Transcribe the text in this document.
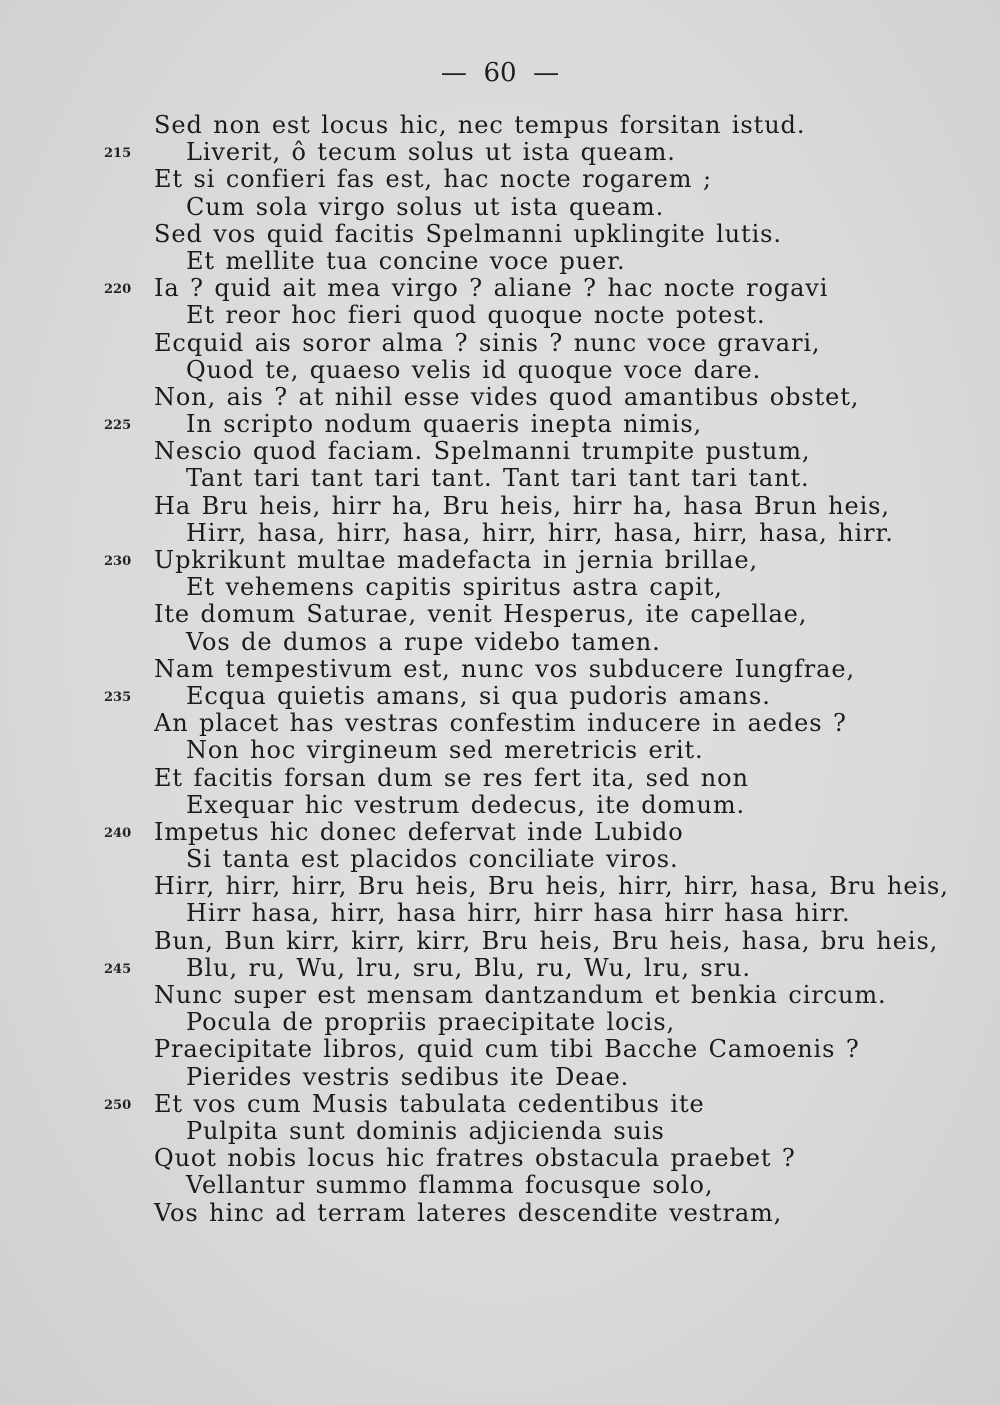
—  60  —
Sed non est locus hic, nec tempus forsitan istud.
215 Liverit, ô tecum solus ut ista queam.
Et si confieri fas est, hac nocte rogarem ;
Cum sola virgo solus ut ista queam.
Sed vos quid facitis Spelmanni upklingite lutis.
Et mellite tua concine voce puer.
220 Ia ? quid ait mea virgo ? aliane ? hac nocte rogavi
Et reor hoc fieri quod quoque nocte potest.
Ecquid ais soror alma ? sinis ? nunc voce gravari,
Quod te, quaeso velis id quoque voce dare.
Non, ais ? at nihil esse vides quod amantibus obstet,
225 In scripto nodum quaeris inepta nimis,
Nescio quod faciam. Spelmanni trumpite pustum,
Tant tari tant tari tant. Tant tari tant tari tant.
Ha Bru heis, hirr ha, Bru heis, hirr ha, hasa Brun heis,
Hirr, hasa, hirr, hasa, hirr, hirr, hasa, hirr, hasa, hirr.
230 Upkrikunt multae madefacta in jernia brillae,
Et vehemens capitis spiritus astra capit,
Ite domum Saturae, venit Hesperus, ite capellae,
Vos de dumos a rupe videbo tamen.
Nam tempestivum est, nunc vos subducere Iungfrae,
235 Ecqua quietis amans, si qua pudoris amans.
An placet has vestras confestim inducere in aedes ?
Non hoc virgineum sed meretricis erit.
Et facitis forsan dum se res fert ita, sed non
Exequar hic vestrum dedecus, ite domum.
240 Impetus hic donec defervat inde Lubido
Si tanta est placidos conciliate viros.
Hirr, hirr, hirr, Bru heis, Bru heis, hirr, hirr, hasa, Bru heis,
Hirr hasa, hirr, hasa hirr, hirr hasa hirr hasa hirr.
Bun, Bun kirr, kirr, kirr, Bru heis, Bru heis, hasa, bru heis,
245 Blu, ru, Wu, lru, sru, Blu, ru, Wu, lru, sru.
Nunc super est mensam dantzandum et benkia circum.
Pocula de propriis praecipitate locis,
Praecipitate libros, quid cum tibi Bacche Camoenis ?
Pierides vestris sedibus ite Deae.
250 Et vos cum Musis tabulata cedentibus ite
Pulpita sunt dominis adjicienda suis
Quot nobis locus hic fratres obstacula praebet ?
Vellantur summo flamma focusque solo,
Vos hinc ad terram lateres descendite vestram,
